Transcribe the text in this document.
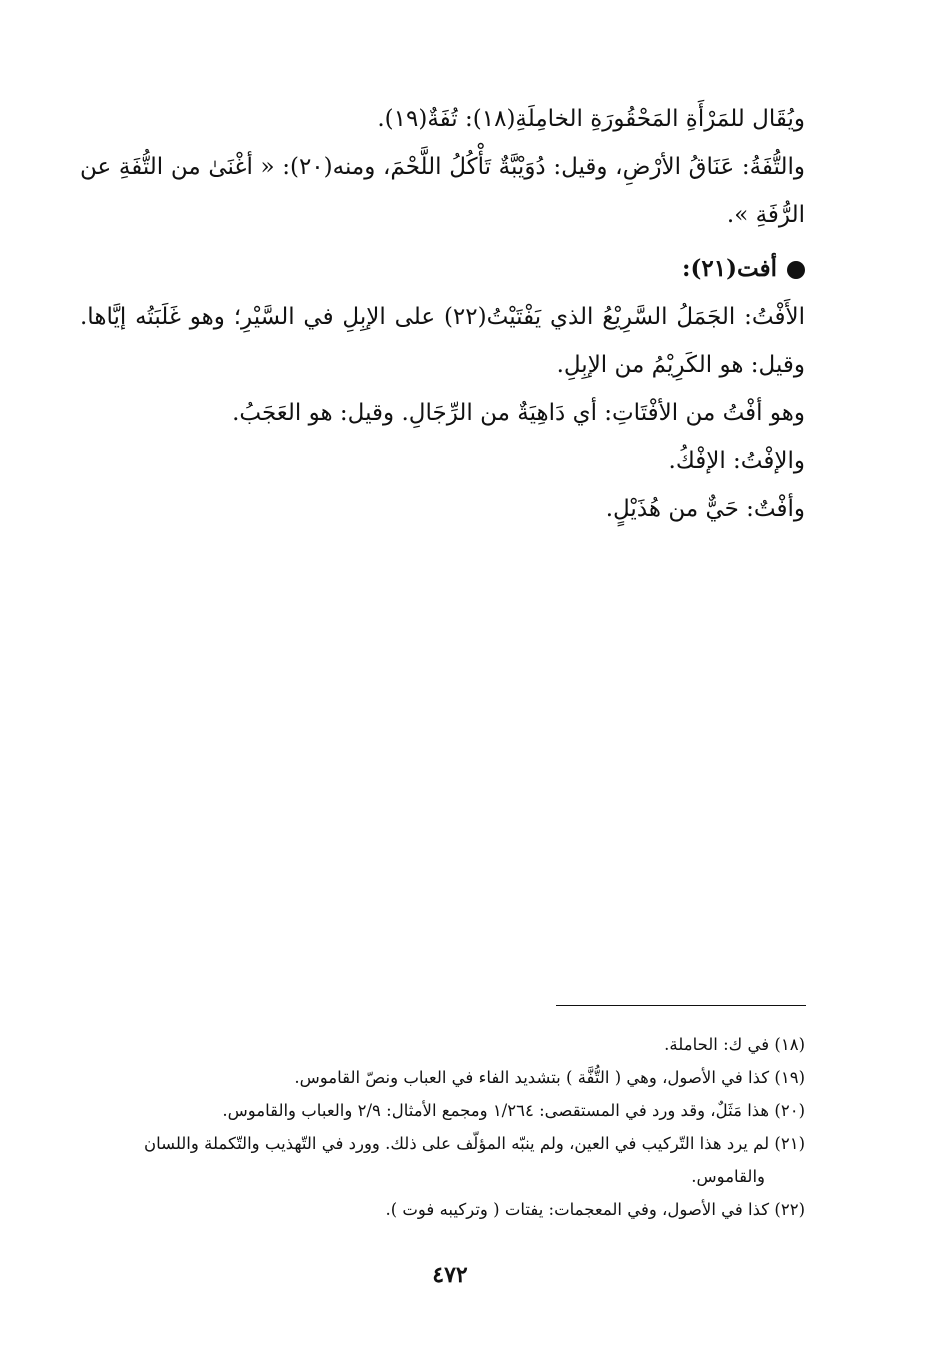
ويُقَال للمَرْأَةِ المَحْقُورَةِ الخامِلَةِ(١٨): تُفَةٌ(١٩).

والتُّفَةُ: عَنَاقُ الأرْضِ، وقيل: دُوَيْبَّةٌ تَأْكُلُ اللَّحْمَ، ومنه(٢٠): « أغْنَىٰ من التُّفَةِ عن الرُّفَةِ ».

أفت(٢١):

الأَفْتُ: الجَمَلُ السَّرِيْعُ الذي يَفْتَيْتُ(٢٢) على الإبِلِ في السَّيْرِ؛ وهو غَلَبَتُه إيَّاها. وقيل: هو الكَرِيْمُ من الإبِلِ.

وهو أفْتُ من الأفْتَاتِ: أي دَاهِيَةٌ من الرِّجَالِ. وقيل: هو العَجَبُ.

والإفْتُ: الإفْكُ.

وأفْتٌ: حَيٌّ من هُذَيْلٍ.

(١٨) في ك: الحاملة.

(١٩) كذا في الأصول، وهي ( التُّفَّة ) بتشديد الفاء في العباب ونصّ القاموس.

(٢٠) هذا مَثَلٌ، وقد ورد في المستقصى: ١/٢٦٤ ومجمع الأمثال: ٢/٩ والعباب والقاموس.

(٢١) لم يرد هذا التّركيب في العين، ولم ينبّه المؤلّف على ذلك. وورد في التّهذيب والتّكملة واللسان

والقاموس.

(٢٢) كذا في الأصول، وفي المعجمات: يفتات ( وتركيبه فوت ).

٤٧٢
